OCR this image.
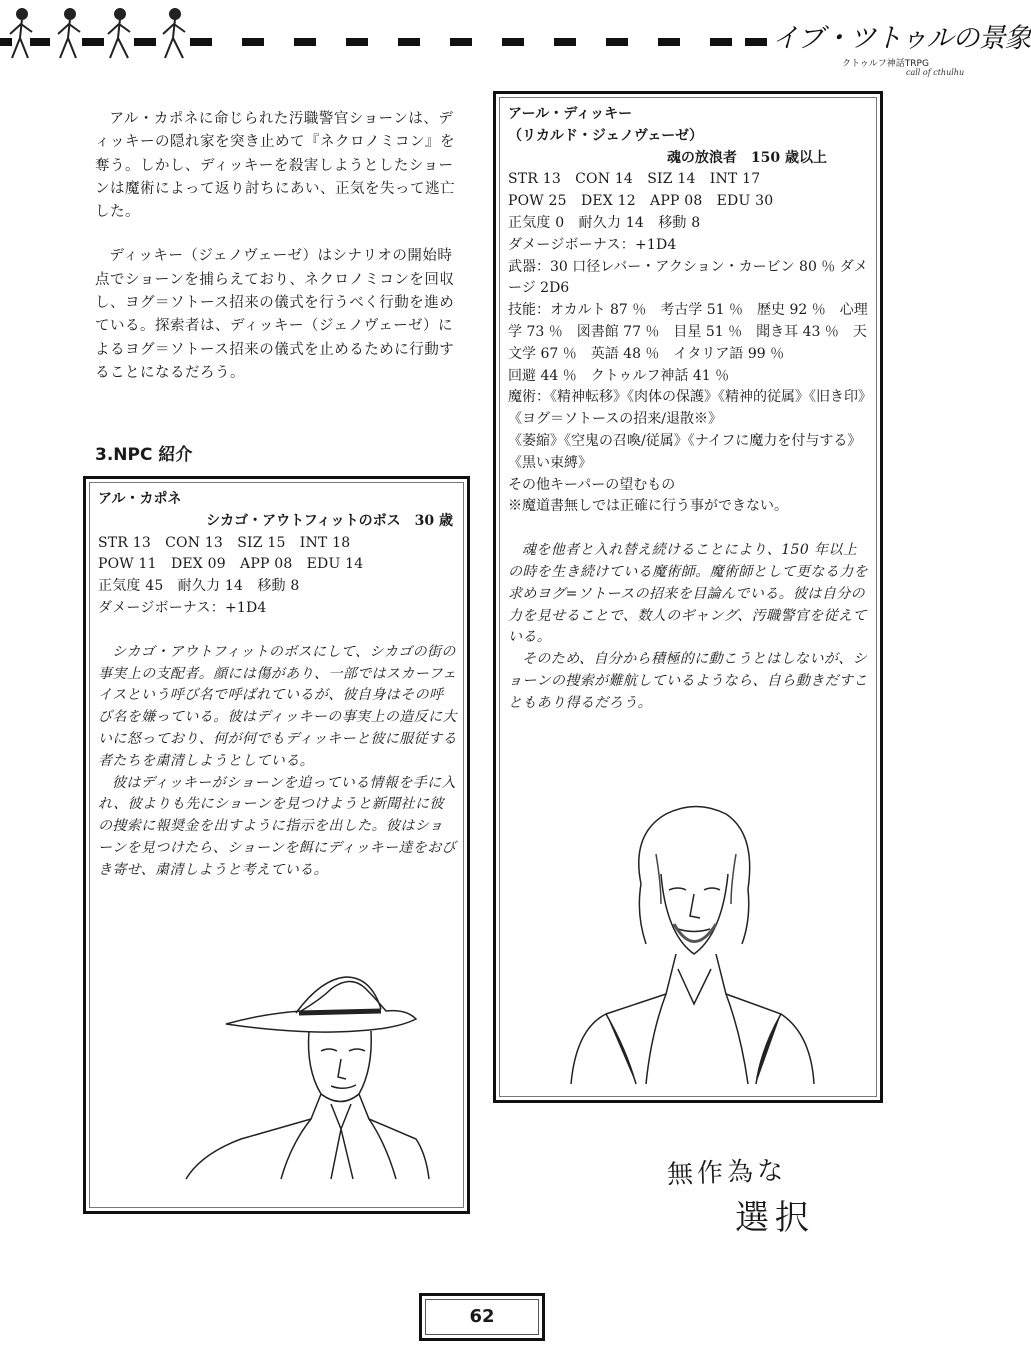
イブ・ツトゥルの景象
クトゥルフ神話TRPG
call of cthulhu

アル・カポネに命じられた汚職警官ショーンは、ディッキーの隠れ家を突き止めて『ネクロノミコン』を奪う。しかし、ディッキーを殺害しようとしたショーンは魔術によって返り討ちにあい、正気を失って逃亡した。

ディッキー（ジェノヴェーゼ）はシナリオの開始時点でショーンを捕らえており、ネクロノミコンを回収し、ヨグ＝ソトース招来の儀式を行うべく行動を進めている。探索者は、ディッキー（ジェノヴェーゼ）によるヨグ＝ソトース招来の儀式を止めるために行動することになるだろう。

3.NPC 紹介
アル・カポネ
シカゴ・アウトフィットのボス　30 歳
STR 13　CON 13　SIZ 15　INT 18
POW 11　DEX 09　APP 08　EDU 14
正気度 45　耐久力 14　移動 8
ダメージボーナス：+1D4

シカゴ・アウトフィットのボスにして、シカゴの街の事実上の支配者。顔には傷があり、一部ではスカーフェイスという呼び名で呼ばれているが、彼自身はその呼び名を嫌っている。彼はディッキーの事実上の造反に大いに怒っており、何が何でもディッキーと彼に服従する者たちを粛清しようとしている。

彼はディッキーがショーンを追っている情報を手に入れ、彼よりも先にショーンを見つけようと新聞社に彼の捜索に報奨金を出すように指示を出した。彼はショーンを見つけたら、ショーンを餌にディッキー達をおびき寄せ、粛清しようと考えている。

アール・ディッキー
（リカルド・ジェノヴェーゼ）
魂の放浪者　150 歳以上
STR 13　CON 14　SIZ 14　INT 17
POW 25　DEX 12　APP 08　EDU 30
正気度 0　耐久力 14　移動 8
ダメージボーナス：+1D4
武器：30 口径レバー・アクション・カービン 80 ％ ダメージ 2D6
技能：オカルト 87 ％　考古学 51 ％　歴史 92 ％　心理学 73 ％　図書館 77 ％　目星 51 ％　聞き耳 43 ％　天文学 67 ％　英語 48 ％　イタリア語 99 ％
回避 44 ％　クトゥルフ神話 41 ％
魔術：《精神転移》《肉体の保護》《精神的従属》《旧き印》《ヨグ＝ソトースの招来/退散※》
《萎縮》《空鬼の召喚/従属》《ナイフに魔力を付与する》《黒い束縛》
その他キーパーの望むもの
※魔道書無しでは正確に行う事ができない。

魂を他者と入れ替え続けることにより、150 年以上の時を生き続けている魔術師。魔術師として更なる力を求めヨグ=ソトースの招来を目論んでいる。彼は自分の力を見せることで、数人のギャング、汚職警官を従えている。

そのため、自分から積極的に動こうとはしないが、ショーンの捜索が難航しているようなら、自ら動きだすこともあり得るだろう。

無作為な
選択
62
